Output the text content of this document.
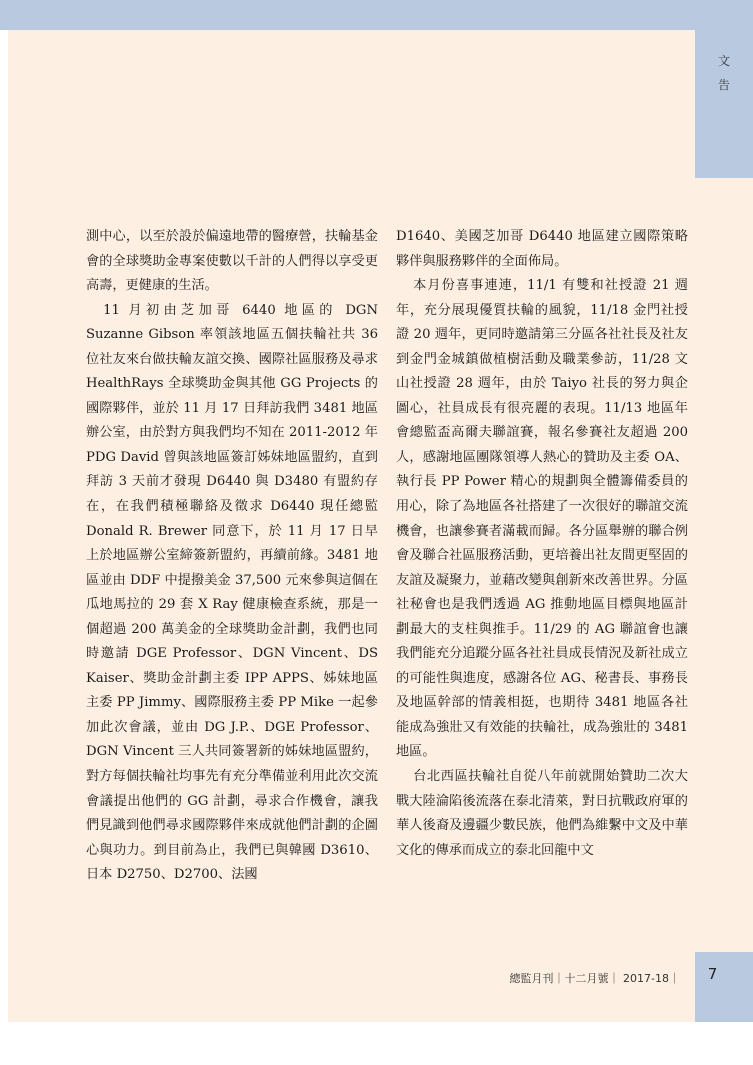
文
告

測中心，以至於設於偏遠地帶的醫療營，扶輪基金會的全球獎助金專案使數以千計的人們得以享受更高壽，更健康的生活。

11 月初由芝加哥 6440 地區的 DGN Suzanne Gibson 率領該地區五個扶輪社共 36 位社友來台做扶輪友誼交換、國際社區服務及尋求 HealthRays 全球獎助金與其他 GG Projects 的國際夥伴，並於 11 月 17 日拜訪我們 3481 地區辦公室，由於對方與我們均不知在 2011-2012 年 PDG David 曾與該地區簽訂姊妹地區盟約，直到拜訪 3 天前才發現 D6440 與 D3480 有盟約存在，在我們積極聯絡及徵求 D6440 現任總監 Donald R. Brewer 同意下，於 11 月 17 日早上於地區辦公室締簽新盟約，再續前緣。3481 地區並由 DDF 中提撥美金 37,500 元來參與這個在瓜地馬拉的 29 套 X Ray 健康檢查系統，那是一個超過 200 萬美金的全球獎助金計劃，我們也同時邀請 DGE Professor、DGN Vincent、DS Kaiser、獎助金計劃主委 IPP APPS、姊妹地區主委 PP Jimmy、國際服務主委 PP Mike 一起參加此次會議，並由 DG J.P.、DGE Professor、DGN Vincent 三人共同簽署新的姊妹地區盟約，對方每個扶輪社均事先有充分準備並利用此次交流會議提出他們的 GG 計劃，尋求合作機會，讓我們見識到他們尋求國際夥伴來成就他們計劃的企圖心與功力。到目前為止，我們已與韓國 D3610、日本 D2750、D2700、法國

D1640、美國芝加哥 D6440 地區建立國際策略夥伴與服務夥伴的全面佈局。

本月份喜事連連，11/1 有雙和社授證 21 週年，充分展現優質扶輪的風貌，11/18 金門社授證 20 週年，更同時邀請第三分區各社社長及社友到金門金城鎮做植樹活動及職業參訪，11/28 文山社授證 28 週年，由於 Taiyo 社長的努力與企圖心，社員成長有很亮麗的表現。11/13 地區年會總監盃高爾夫聯誼賽，報名參賽社友超過 200 人，感謝地區團隊領導人熱心的贊助及主委 OA、執行長 PP Power 精心的規劃與全體籌備委員的用心，除了為地區各社搭建了一次很好的聯誼交流機會，也讓參賽者滿載而歸。各分區舉辦的聯合例會及聯合社區服務活動，更培養出社友間更堅固的友誼及凝聚力，並藉改變與創新來改善世界。分區社秘會也是我們透過 AG 推動地區目標與地區計劃最大的支柱與推手。11/29 的 AG 聯誼會也讓我們能充分追蹤分區各社社員成長情況及新社成立的可能性與進度，感謝各位 AG、秘書長、事務長及地區幹部的情義相挺，也期待 3481 地區各社能成為強壯又有效能的扶輪社，成為強壯的 3481 地區。

台北西區扶輪社自從八年前就開始贊助二次大戰大陸淪陷後流落在泰北清萊，對日抗戰政府軍的華人後裔及邊疆少數民族，他們為維繫中文及中華文化的傳承而成立的泰北回龍中文

總監月刊｜十二月號｜ 2017-18｜	7
